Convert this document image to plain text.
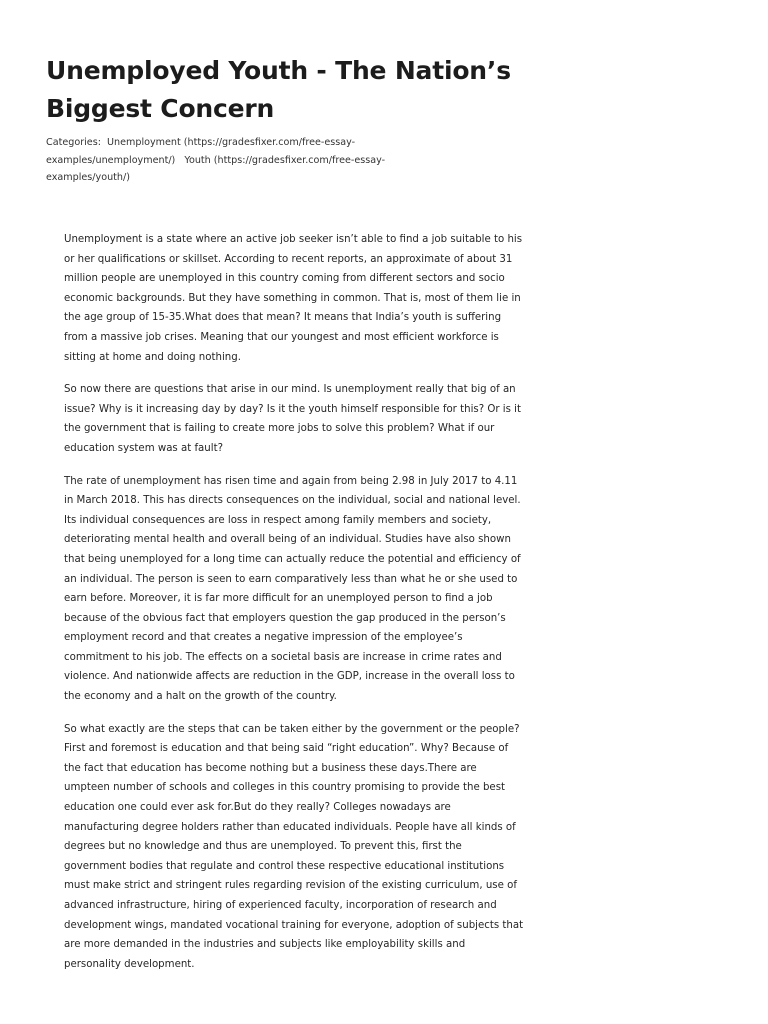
Unemployed Youth - The Nation’s Biggest Concern
Categories: Unemployment (https://gradesfixer.com/free-essay-examples/unemployment/) Youth (https://gradesfixer.com/free-essay-examples/youth/)

Unemployment is a state where an active job seeker isn’t able to find a job suitable to his or her qualifications or skillset. According to recent reports, an approximate of about 31 million people are unemployed in this country coming from different sectors and socio economic backgrounds. But they have something in common. That is, most of them lie in the age group of 15-35.What does that mean? It means that India’s youth is suffering from a massive job crises. Meaning that our youngest and most efficient workforce is sitting at home and doing nothing.

So now there are questions that arise in our mind. Is unemployment really that big of an issue? Why is it increasing day by day? Is it the youth himself responsible for this? Or is it the government that is failing to create more jobs to solve this problem? What if our education system was at fault?

The rate of unemployment has risen time and again from being 2.98 in July 2017 to 4.11 in March 2018. This has directs consequences on the individual, social and national level. Its individual consequences are loss in respect among family members and society, deteriorating mental health and overall being of an individual. Studies have also shown that being unemployed for a long time can actually reduce the potential and efficiency of an individual. The person is seen to earn comparatively less than what he or she used to earn before. Moreover, it is far more difficult for an unemployed person to find a job because of the obvious fact that employers question the gap produced in the person’s employment record and that creates a negative impression of the employee’s commitment to his job. The effects on a societal basis are increase in crime rates and violence. And nationwide affects are reduction in the GDP, increase in the overall loss to the economy and a halt on the growth of the country.

So what exactly are the steps that can be taken either by the government or the people? First and foremost is education and that being said “right education”. Why? Because of the fact that education has become nothing but a business these days.There are umpteen number of schools and colleges in this country promising to provide the best education one could ever ask for.But do they really? Colleges nowadays are manufacturing degree holders rather than educated individuals. People have all kinds of degrees but no knowledge and thus are unemployed. To prevent this, first the government bodies that regulate and control these respective educational institutions must make strict and stringent rules regarding revision of the existing curriculum, use of advanced infrastructure, hiring of experienced faculty, incorporation of research and development wings, mandated vocational training for everyone, adoption of subjects that are more demanded in the industries and subjects like employability skills and personality development.
